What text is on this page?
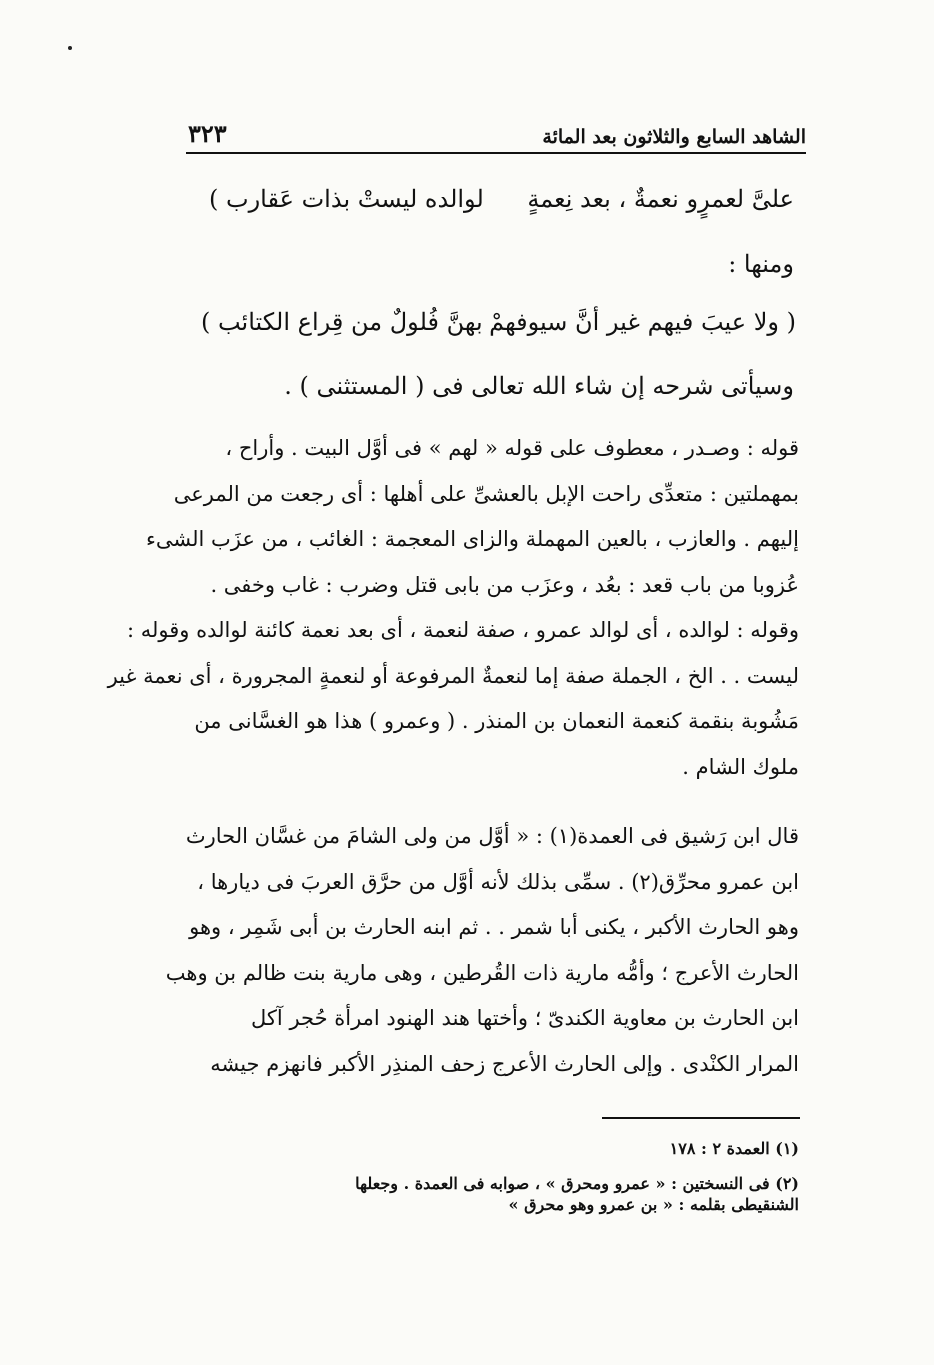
الشاهد السابع والثلاثون بعد المائة
٣٢٣
علىَّ لعمرٍو نعمةٌ ، بعد نِعمةٍ
لوالده ليستْ بذات عَقارب )
ومنها :
( ولا عيبَ فيهم غير أنَّ سيوفهمْ
بهنَّ فُلولٌ من قِراع الكتائب )
وسيأتى شرحه إن شاء الله تعالى فى ( المستثنى ) .
قوله : وصـدر ، معطوف على قوله « لهم » فى أوَّل البيت . وأراح ،
بمهملتين : متعدِّى راحت الإبل بالعشىِّ على أهلها : أى رجعت من المرعى
إليهم . والعازب ، بالعين المهملة والزاى المعجمة : الغائب ، من عزَب الشىء
عُزوبا من باب قعد : بعُد ، وعزَب من بابى قتل وضرب : غاب وخفى .
وقوله : لوالده ، أى لوالد عمرو ، صفة لنعمة ، أى بعد نعمة كائنة لوالده وقوله :
ليست . . الخ ، الجملة صفة إما لنعمةٌ المرفوعة أو لنعمةٍ المجرورة ، أى نعمة غير
مَشُوبة بنقمة كنعمة النعمان بن المنذر . ( وعمرو ) هذا هو الغسَّانى من
ملوك الشام .
قال ابن رَشيق فى العمدة(١) : « أوَّل من ولى الشامَ من غسَّان الحارث
ابن عمرو محرِّق(٢) . سمِّى بذلك لأنه أوَّل من حرَّق العربَ فى ديارها ،
وهو الحارث الأكبر ، يكنى أبا شمر . . ثم ابنه الحارث بن أبى شَمِر ، وهو
الحارث الأعرج ؛ وأمُّه مارية ذات القُرطين ، وهى مارية بنت ظالم بن وهب
ابن الحارث بن معاوية الكندىّ ؛ وأختها هند الهنود امرأة حُجر آكل
المرار الكنْدى . وإلى الحارث الأعرج زحف المنذِر الأكبر فانهزم جيشه
(١) العمدة ٢ : ١٧٨
(٢) فى النسختين : « عمرو ومحرق » ، صوابه فى العمدة . وجعلها
الشنقيطى بقلمه : « بن عمرو وهو محرق »
